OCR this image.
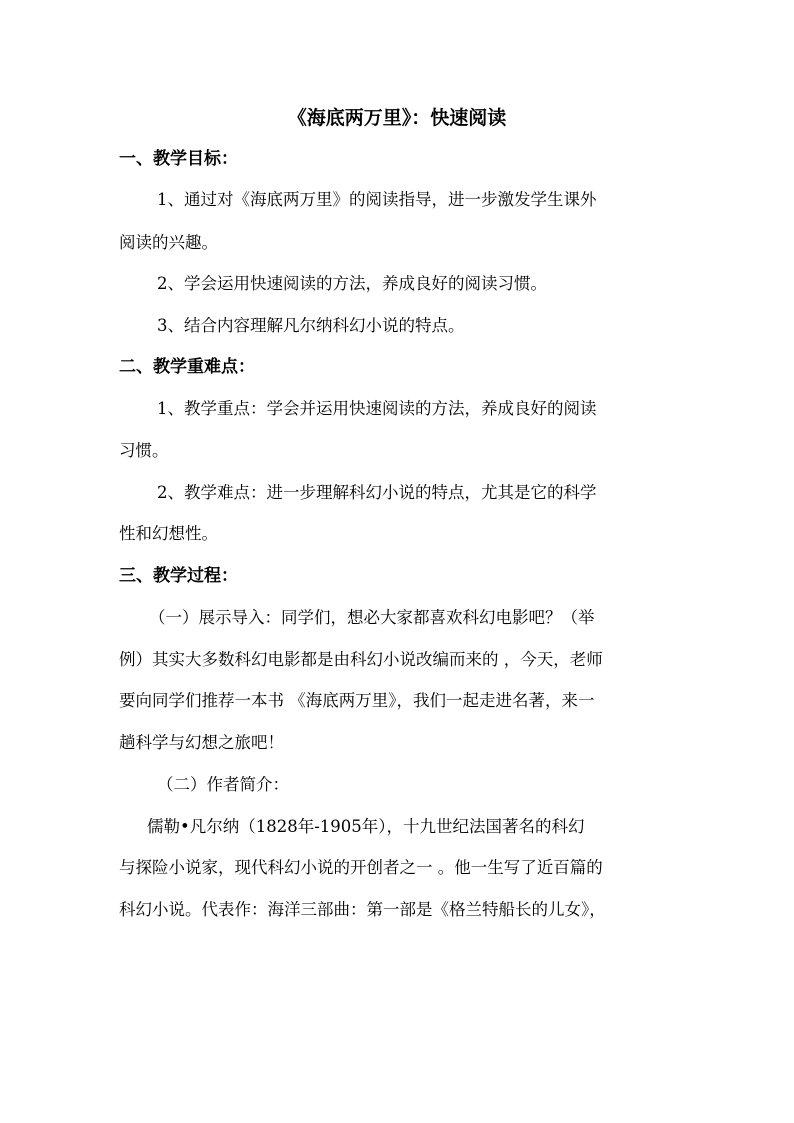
《海底两万里》：快速阅读
一、教学目标：
1、通过对《海底两万里》的阅读指导，进一步激发学生课外
阅读的兴趣。
2、学会运用快速阅读的方法，养成良好的阅读习惯。
3、结合内容理解凡尔纳科幻小说的特点。
二、教学重难点：
1、教学重点：学会并运用快速阅读的方法，养成良好的阅读
习惯。
2、教学难点：进一步理解科幻小说的特点，尤其是它的科学
性和幻想性。
三、教学过程：
（一）展示导入：同学们，想必大家都喜欢科幻电影吧？（举
例）其实大多数科幻电影都是由科幻小说改编而来的 ，今天，老师
要向同学们推荐一本书 《海底两万里》，我们一起走进名著，来一
趟科学与幻想之旅吧！
（二）作者简介：
儒勒•凡尔纳（1828年-1905年），十九世纪法国著名的科幻
与探险小说家，现代科幻小说的开创者之一 。他一生写了近百篇的
科幻小说。代表作：海洋三部曲：第一部是《格兰特船长的儿女》，
